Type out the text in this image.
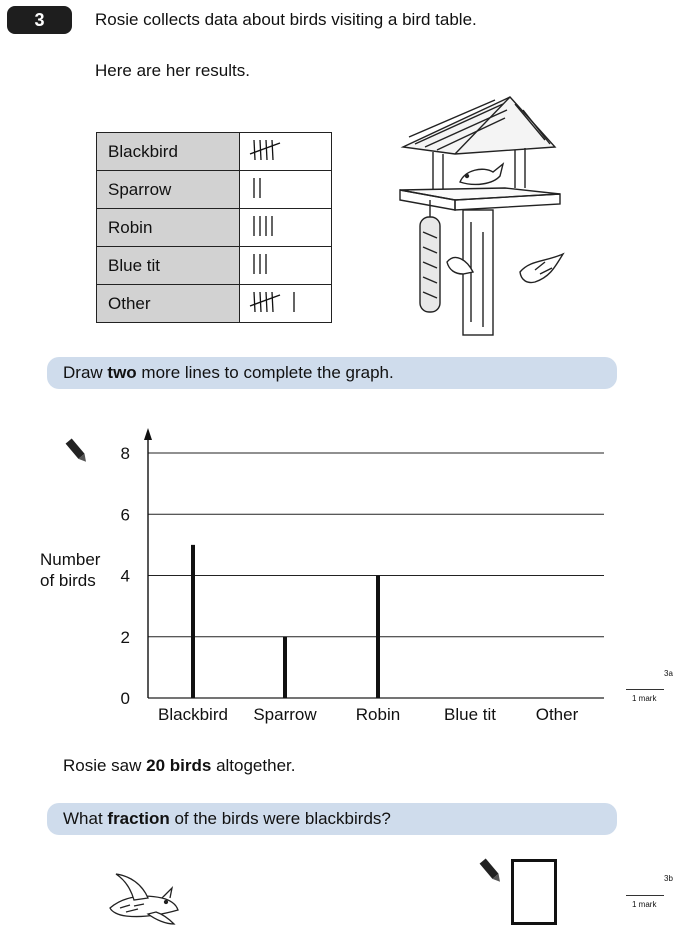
3	Rosie collects data about birds visiting a bird table.
Here are her results.
Blackbird	
Sparrow	
Robin	
Blue tit	
Other	
Draw two more lines to complete the graph.
Number
of birds
0
2
4
6
8
Blackbird Sparrow Robin	Blue tit Other
3a
1 mark
Rosie saw 20 birds altogether.
What fraction of the birds were blackbirds?
3b
1 mark
